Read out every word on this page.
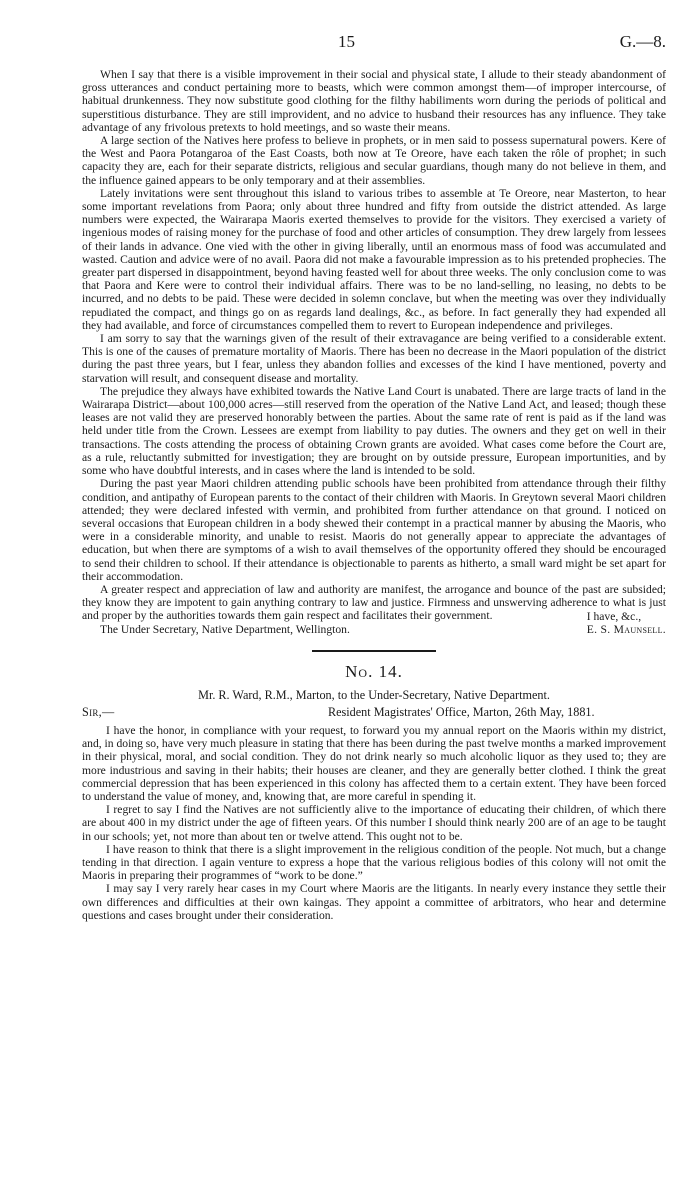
15	G.—8.

When I say that there is a visible improvement in their social and physical state, I allude to their steady abandonment of gross utterances and conduct pertaining more to beasts, which were common amongst them—of improper intercourse, of habitual drunkenness. They now substitute good clothing for the filthy habiliments worn during the periods of political and superstitious disturbance. They are still improvident, and no advice to husband their resources has any influence. They take advantage of any frivolous pretexts to hold meetings, and so waste their means.

A large section of the Natives here profess to believe in prophets, or in men said to possess supernatural powers. Kere of the West and Paora Potangaroa of the East Coasts, both now at Te Oreore, have each taken the rôle of prophet; in such capacity they are, each for their separate districts, religious and secular guardians, though many do not believe in them, and the influence gained appears to be only temporary and at their assemblies.

Lately invitations were sent throughout this island to various tribes to assemble at Te Oreore, near Masterton, to hear some important revelations from Paora; only about three hundred and fifty from outside the district attended. As large numbers were expected, the Wairarapa Maoris exerted themselves to provide for the visitors. They exercised a variety of ingenious modes of raising money for the purchase of food and other articles of consumption. They drew largely from lessees of their lands in advance. One vied with the other in giving liberally, until an enormous mass of food was accumulated and wasted. Caution and advice were of no avail. Paora did not make a favourable impression as to his pretended prophecies. The greater part dispersed in disappointment, beyond having feasted well for about three weeks. The only conclusion come to was that Paora and Kere were to control their individual affairs. There was to be no land-selling, no leasing, no debts to be incurred, and no debts to be paid. These were decided in solemn conclave, but when the meeting was over they individually repudiated the compact, and things go on as regards land dealings, &c., as before. In fact generally they had expended all they had available, and force of circumstances compelled them to revert to European independence and privileges.

I am sorry to say that the warnings given of the result of their extravagance are being verified to a considerable extent. This is one of the causes of premature mortality of Maoris. There has been no decrease in the Maori population of the district during the past three years, but I fear, unless they abandon follies and excesses of the kind I have mentioned, poverty and starvation will result, and consequent disease and mortality.

The prejudice they always have exhibited towards the Native Land Court is unabated. There are large tracts of land in the Wairarapa District—about 100,000 acres—still reserved from the operation of the Native Land Act, and leased; though these leases are not valid they are preserved honorably between the parties. About the same rate of rent is paid as if the land was held under title from the Crown. Lessees are exempt from liability to pay duties. The owners and they get on well in their transactions. The costs attending the process of obtaining Crown grants are avoided. What cases come before the Court are, as a rule, reluctantly submitted for investigation; they are brought on by outside pressure, European importunities, and by some who have doubtful interests, and in cases where the land is intended to be sold.

During the past year Maori children attending public schools have been prohibited from attendance through their filthy condition, and antipathy of European parents to the contact of their children with Maoris. In Greytown several Maori children attended; they were declared infested with vermin, and prohibited from further attendance on that ground. I noticed on several occasions that European children in a body shewed their contempt in a practical manner by abusing the Maoris, who were in a considerable minority, and unable to resist. Maoris do not generally appear to appreciate the advantages of education, but when there are symptoms of a wish to avail themselves of the opportunity offered they should be encouraged to send their children to school. If their attendance is objectionable to parents as hitherto, a small ward might be set apart for their accommodation.

A greater respect and appreciation of law and authority are manifest, the arrogance and bounce of the past are subsided; they know they are impotent to gain anything contrary to law and justice. Firmness and unswerving adherence to what is just and proper by the authorities towards them gain respect and facilitates their government.

The Under Secretary, Native Department, Wellington.
I have, &c.,
E. S. Maunsell.
No. 14.
Mr. R. Ward, R.M., Marton, to the Under-Secretary, Native Department.
Sir,—	Resident Magistrates' Office, Marton, 26th May, 1881.

I have the honor, in compliance with your request, to forward you my annual report on the Maoris within my district, and, in doing so, have very much pleasure in stating that there has been during the past twelve months a marked improvement in their physical, moral, and social condition. They do not drink nearly so much alcoholic liquor as they used to; they are more industrious and saving in their habits; their houses are cleaner, and they are generally better clothed. I think the great commercial depression that has been experienced in this colony has affected them to a certain extent. They have been forced to understand the value of money, and, knowing that, are more careful in spending it.

I regret to say I find the Natives are not sufficiently alive to the importance of educating their children, of which there are about 400 in my district under the age of fifteen years. Of this number I should think nearly 200 are of an age to be taught in our schools; yet, not more than about ten or twelve attend. This ought not to be.

I have reason to think that there is a slight improvement in the religious condition of the people. Not much, but a change tending in that direction. I again venture to express a hope that the various religious bodies of this colony will not omit the Maoris in preparing their programmes of “work to be done.”

I may say I very rarely hear cases in my Court where Maoris are the litigants. In nearly every instance they settle their own differences and difficulties at their own kaingas. They appoint a committee of arbitrators, who hear and determine questions and cases brought under their consideration.
